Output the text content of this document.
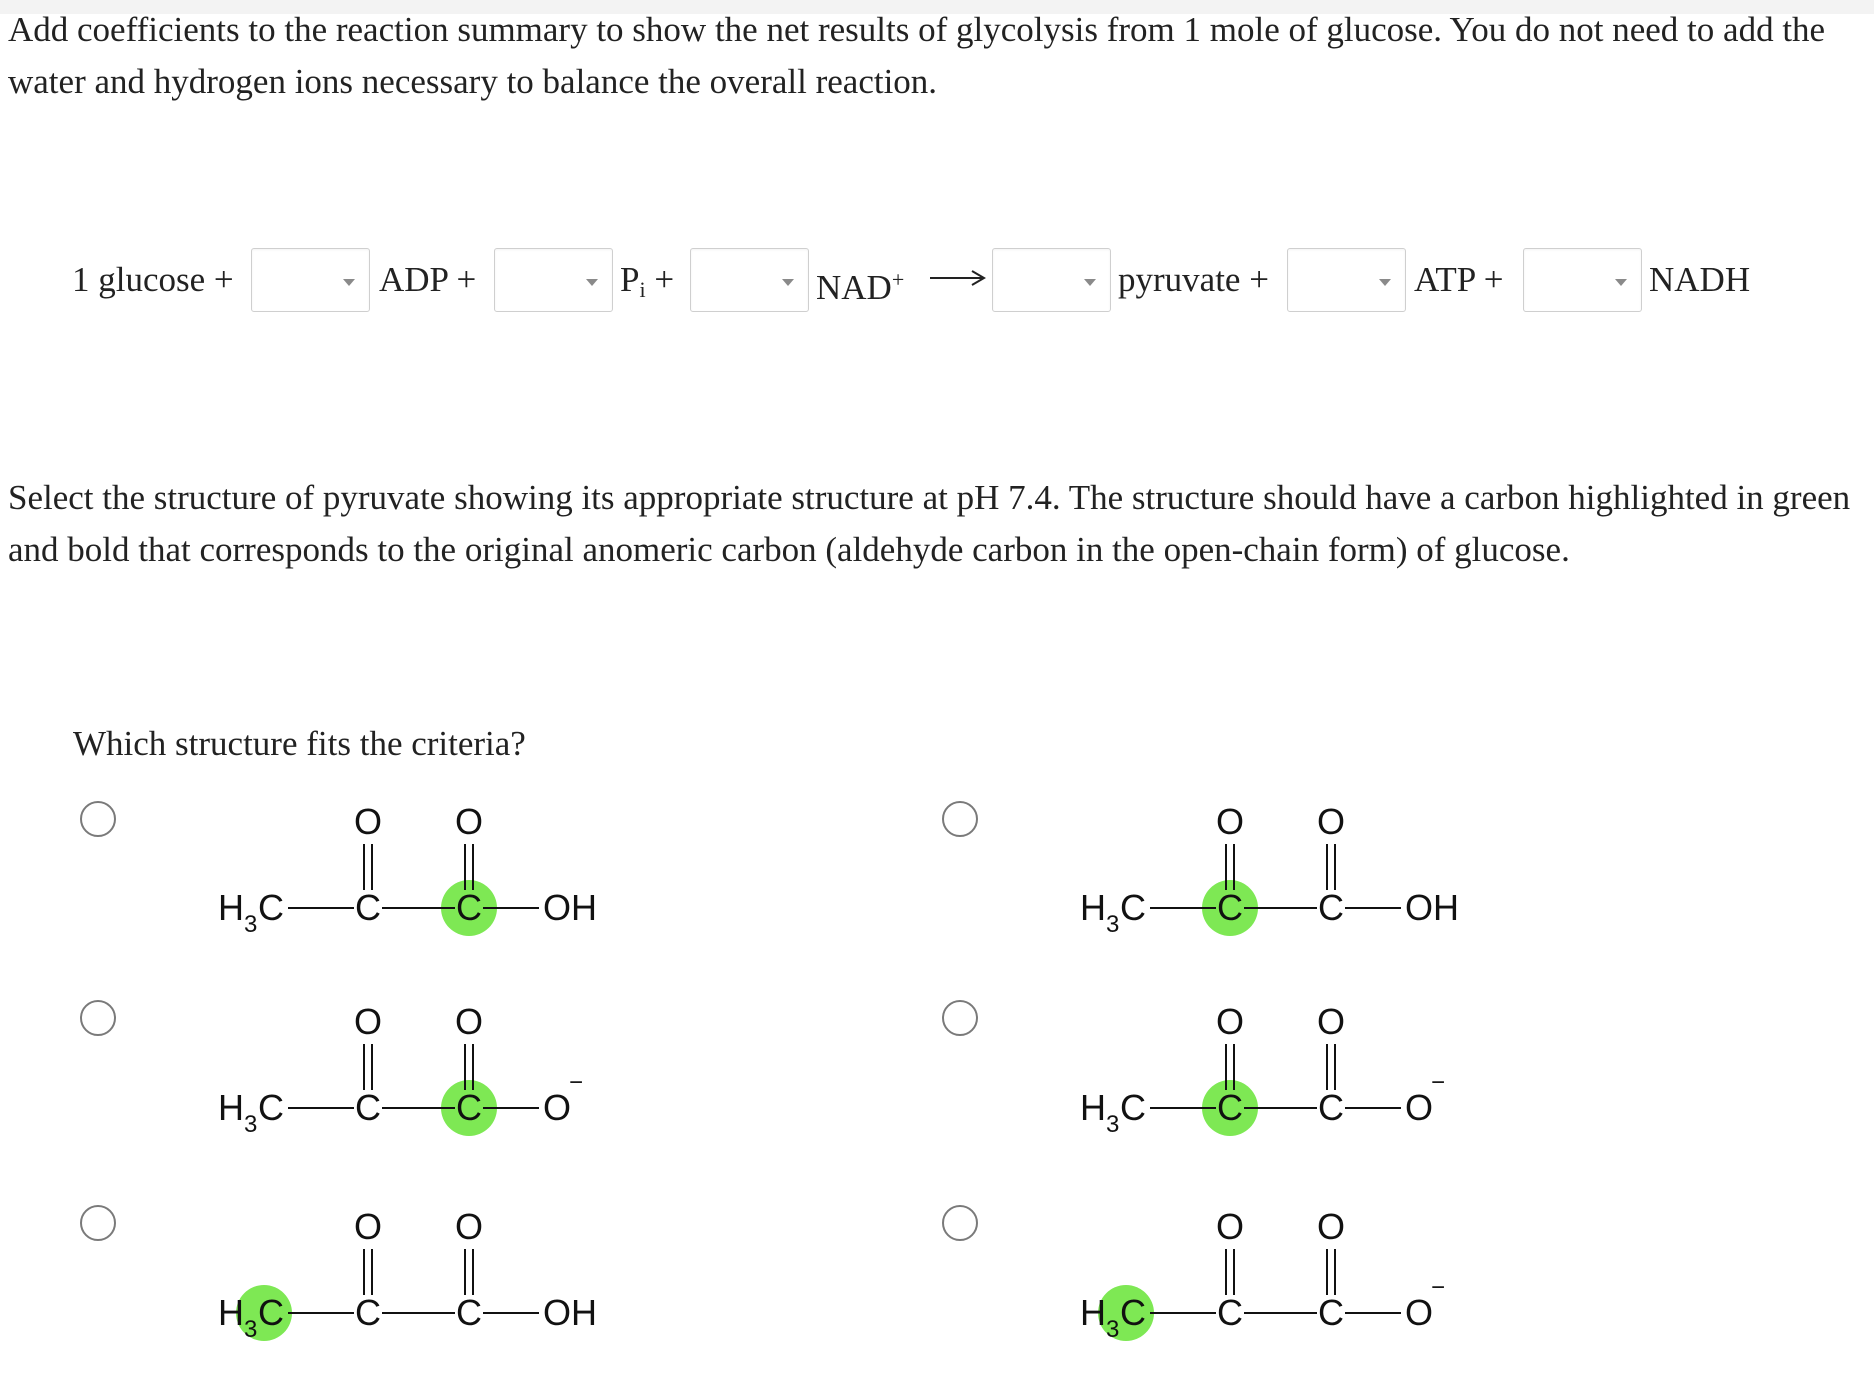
Add coefficients to the reaction summary to show the net results of glycolysis from 1 mole of glucose. You do not need to add the water and hydrogen ions necessary to balance the overall reaction.

1 glucose +	ADP +	$P_i$ +	NAD+ →	pyruvate +	ATP +	NADH

Select the structure of pyruvate showing its appropriate structure at pH 7.4. The structure should have a carbon highlighted in green and bold that corresponds to the original anomeric carbon (aldehyde carbon in the open-chain form) of glucose.

Which structure fits the criteria?

H 3 C C C
O O
OH	H 3 C C C
O O
OH
H 3 C C C
O O
O
−
H 3 C C C
O O
O
−
H 3 C C C
O O
OH	H 3 C C C
O O
O
−
